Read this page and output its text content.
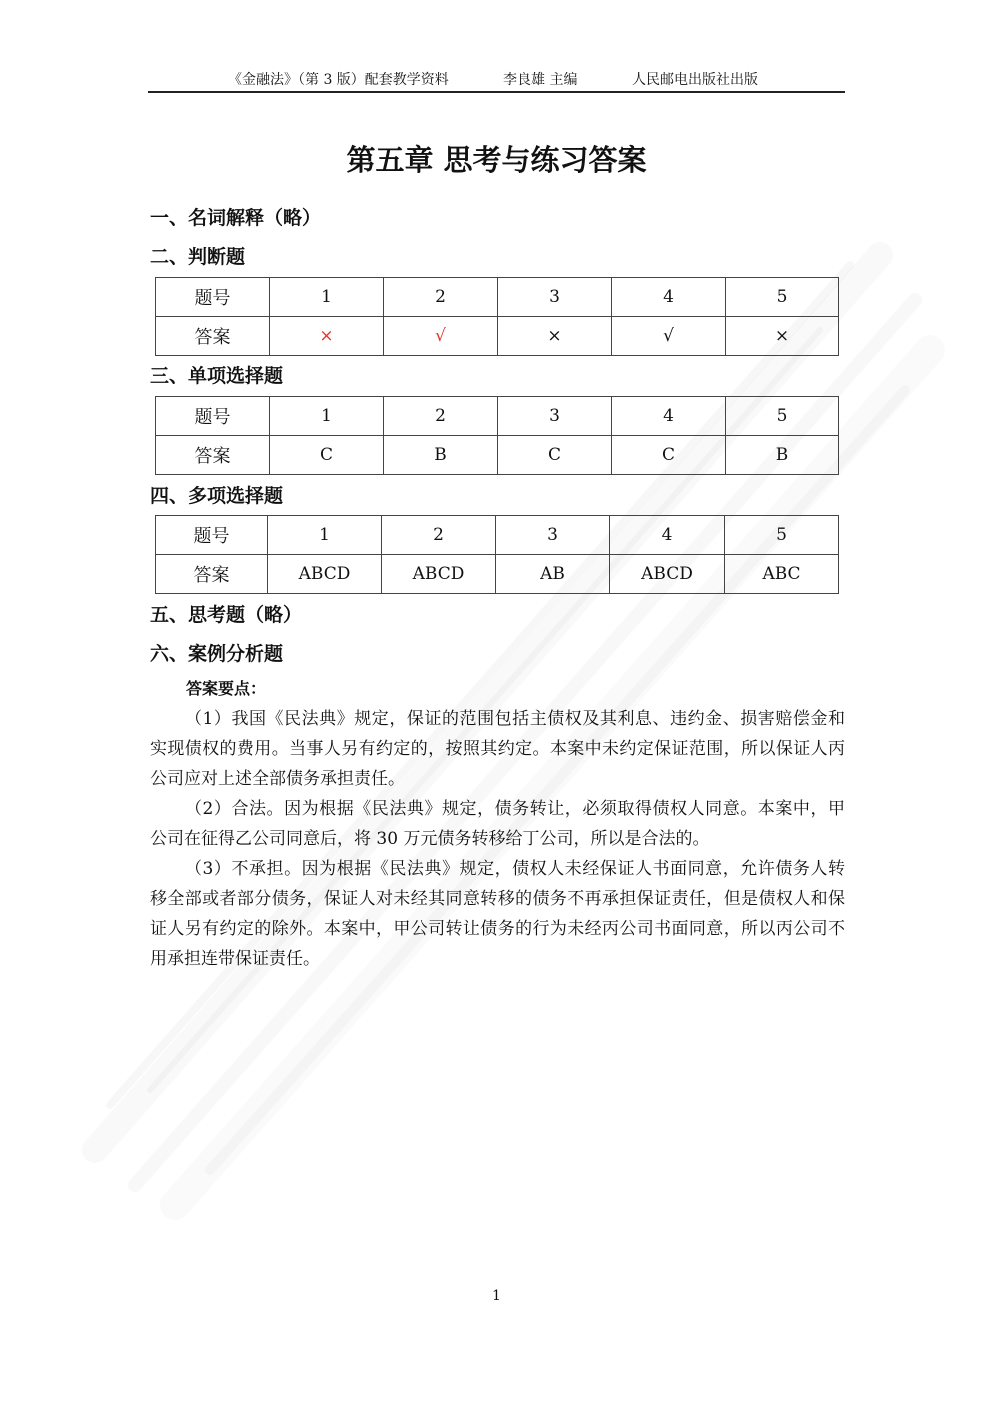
《金融法》（第 3 版）配套教学资料	李良雄 主编	人民邮电出版社出版
第五章 思考与练习答案
一、名词解释（略）
二、判断题
题号	1	2	3	4	5
答案	×	√	×	√	×
三、单项选择题
题号	1	2	3	4	5
答案	C	B	C	C	B
四、多项选择题
题号	1	2	3	4	5
答案	ABCD	ABCD	AB	ABCD	ABC
五、思考题（略）
六、案例分析题
答案要点：
（1）我国《民法典》规定，保证的范围包括主债权及其利息、违约金、损害赔偿金和
实现债权的费用。当事人另有约定的，按照其约定。本案中未约定保证范围，所以保证人丙
公司应对上述全部债务承担责任。
（2）合法。因为根据《民法典》规定，债务转让，必须取得债权人同意。本案中，甲
公司在征得乙公司同意后，将 30 万元债务转移给丁公司，所以是合法的。
（3）不承担。因为根据《民法典》规定，债权人未经保证人书面同意，允许债务人转
移全部或者部分债务，保证人对未经其同意转移的债务不再承担保证责任，但是债权人和保
证人另有约定的除外。本案中，甲公司转让债务的行为未经丙公司书面同意，所以丙公司不
用承担连带保证责任。
1
